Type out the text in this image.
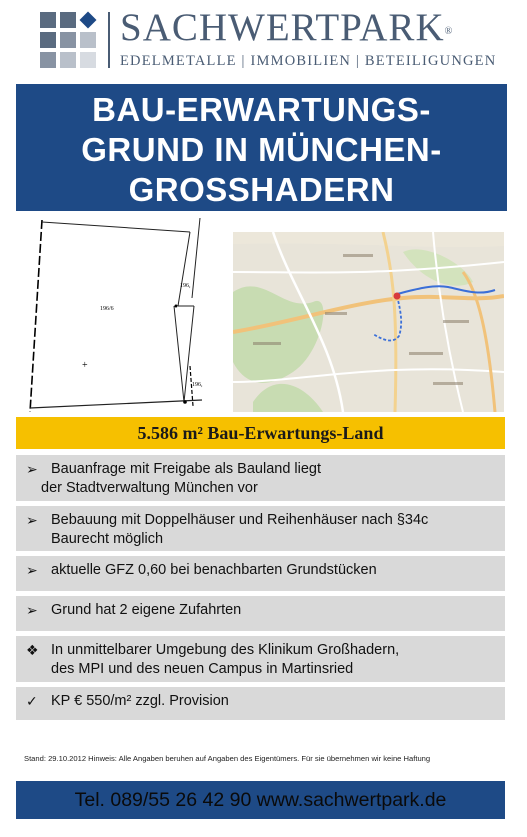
SACHWERTPARK®
EDELMETALLE | IMMOBILIEN | BETEILIGUNGEN
BAU-ERWARTUNGS-
GRUND IN MÜNCHEN-
GROSSHADERN
+
196/6
196,
196,
5.586 m² Bau-Erwartungs-Land
➢ Bauanfrage mit Freigabe als Bauland liegt
der Stadtverwaltung München vor
➢ Bebauung mit Doppelhäuser und Reihenhäuser nach §34c
Baurecht möglich
➢ aktuelle GFZ 0,60 bei benachbarten Grundstücken
➢ Grund hat 2 eigene Zufahrten
❖ In unmittelbarer Umgebung des Klinikum Großhadern,
des MPI und des neuen Campus in Martinsried
✓ KP € 550/m² zzgl. Provision
Stand: 29.10.2012 Hinweis: Alle Angaben beruhen auf Angaben des Eigentümers. Für sie übernehmen wir keine Haftung
Tel. 089/55 26 42 90 www.sachwertpark.de
